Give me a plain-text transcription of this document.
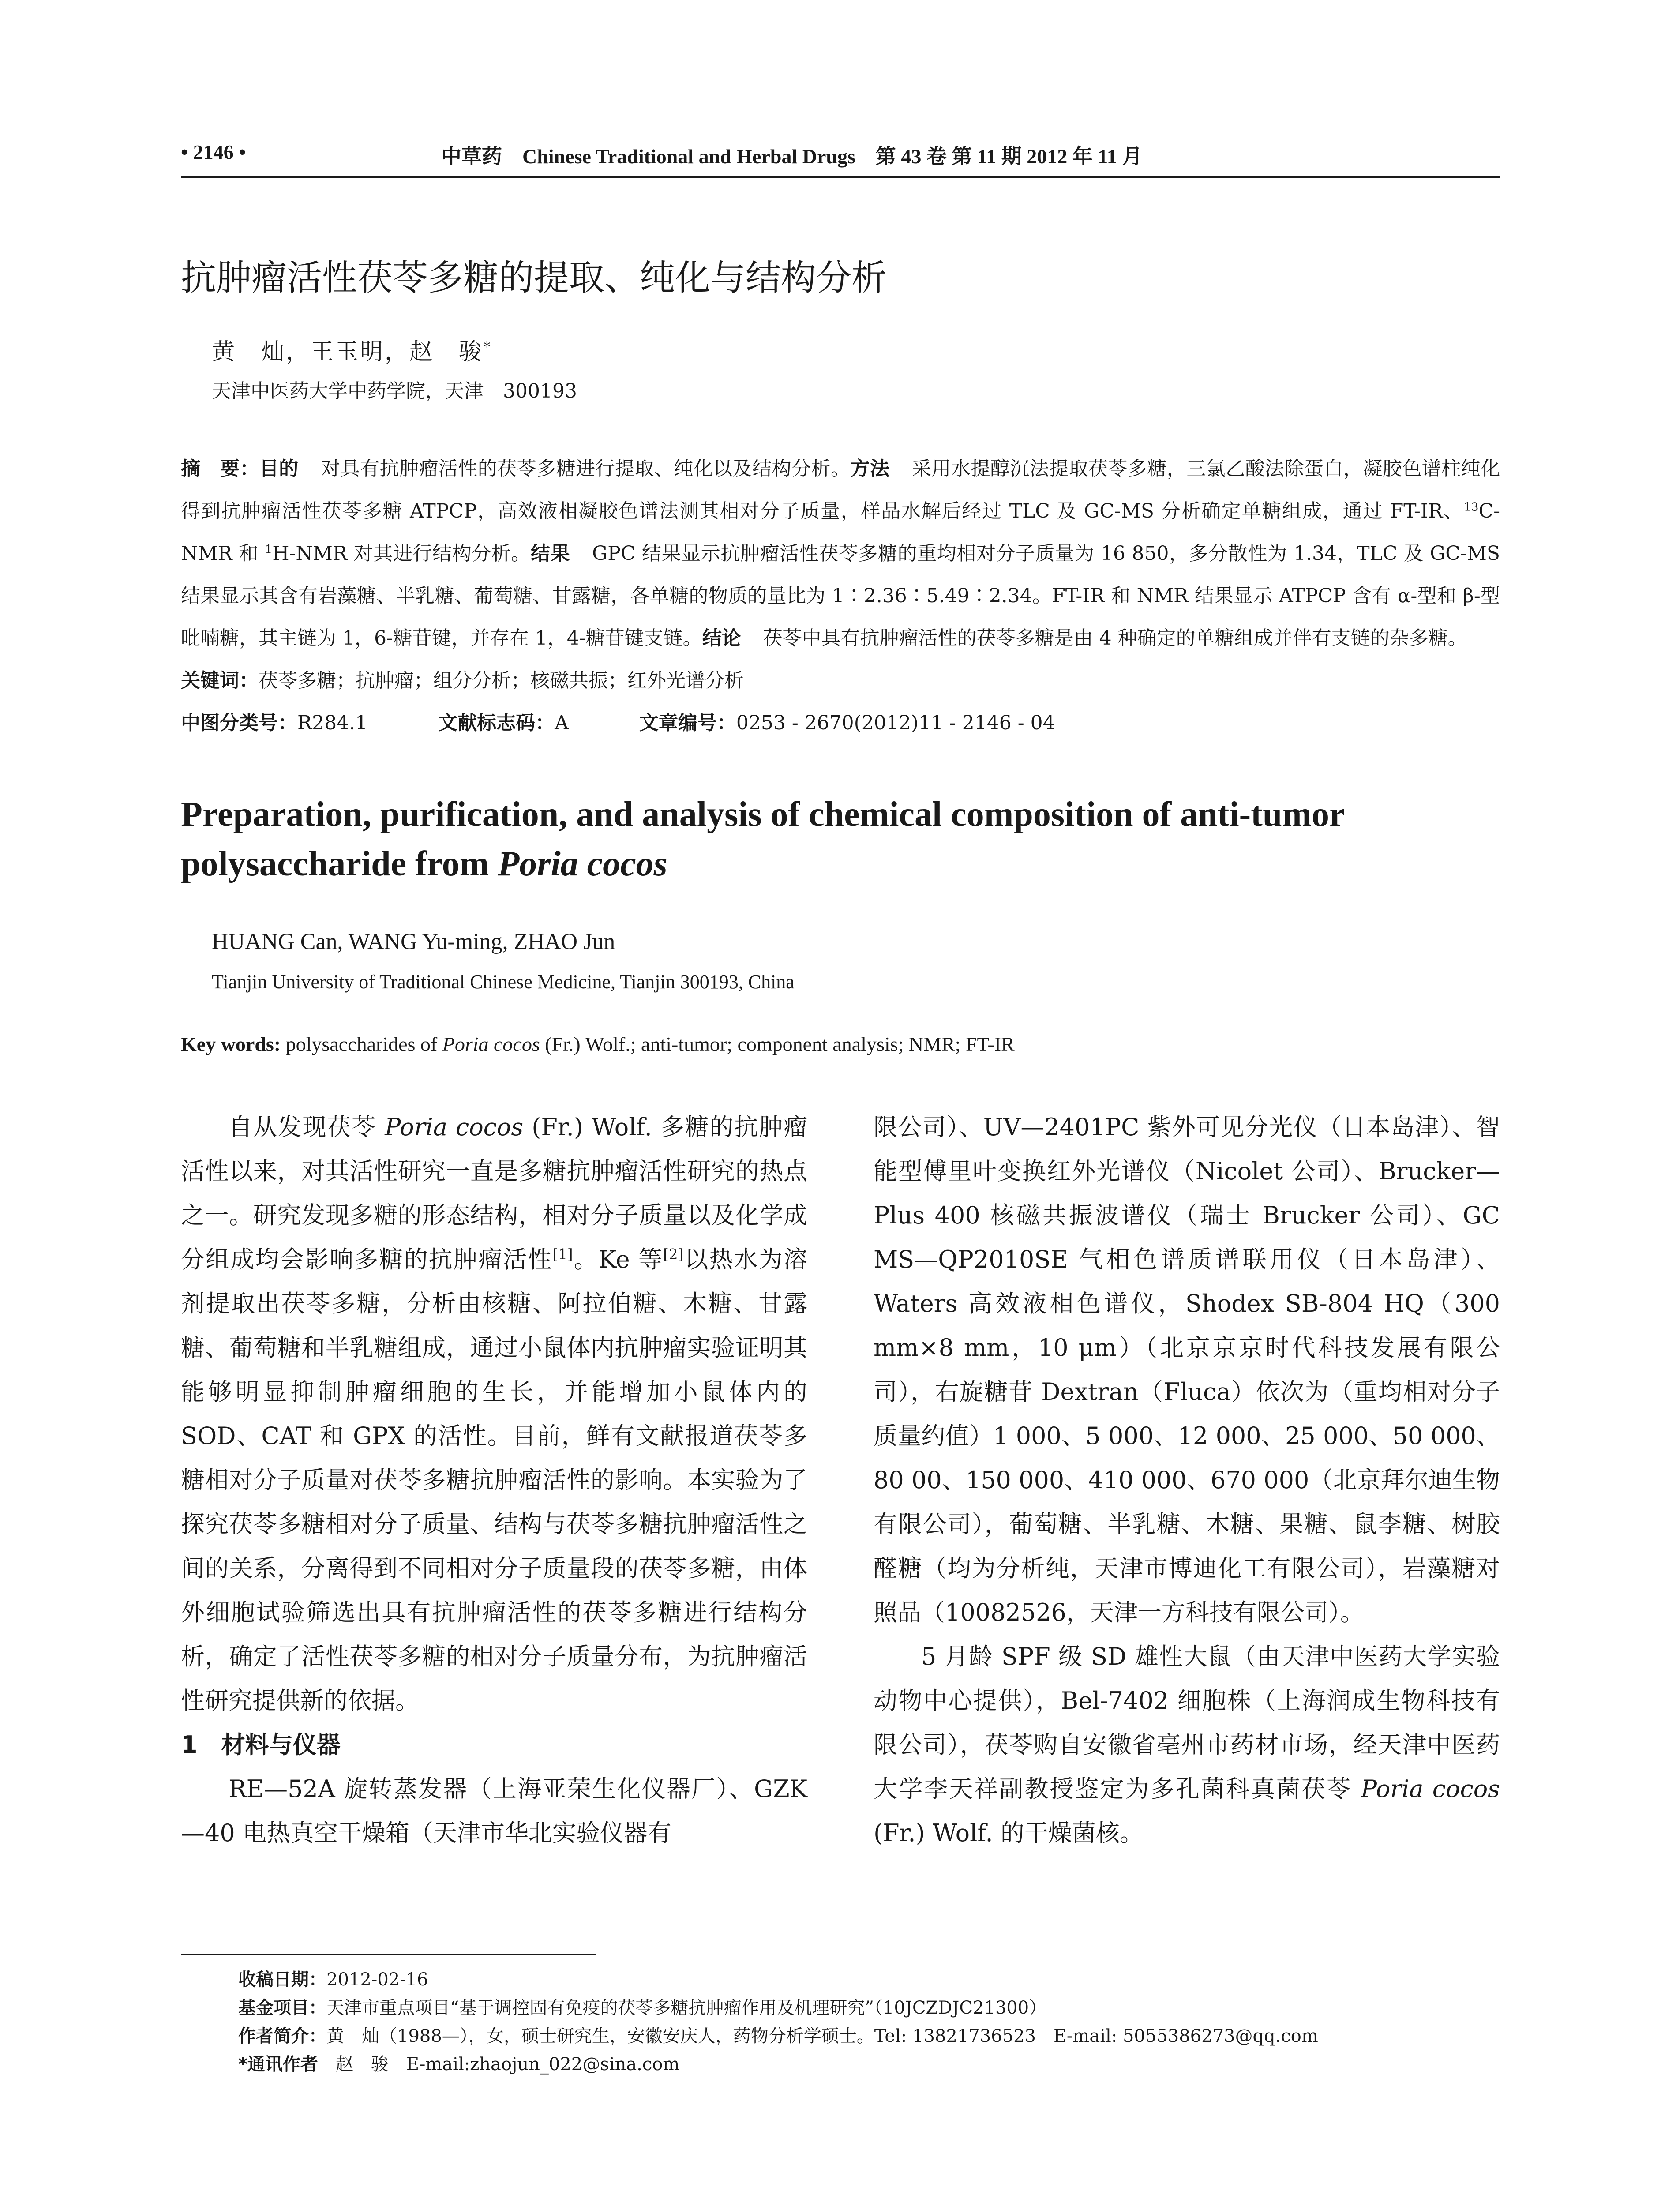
• 2146 •	中草药　Chinese Traditional and Herbal Drugs　第 43 卷 第 11 期 2012 年 11 月
抗肿瘤活性茯苓多糖的提取、纯化与结构分析
黄　灿，王玉明，赵　骏*
天津中医药大学中药学院，天津　300193

摘　要：目的 对具有抗肿瘤活性的茯苓多糖进行提取、纯化以及结构分析。方法 采用水提醇沉法提取茯苓多糖，三氯乙酸法除蛋白，凝胶色谱柱纯化得到抗肿瘤活性茯苓多糖 ATPCP，高效液相凝胶色谱法测其相对分子质量，样品水解后经过 TLC 及 GC-MS 分析确定单糖组成，通过 FT-IR、$^{13}$C-NMR 和 $^1$H-NMR 对其进行结构分析。结果 GPC 结果显示抗肿瘤活性茯苓多糖的重均相对分子质量为 16 850，多分散性为 1.34，TLC 及 GC-MS 结果显示其含有岩藻糖、半乳糖、葡萄糖、甘露糖，各单糖的物质的量比为 1∶2.36∶5.49∶2.34。FT-IR 和 NMR 结果显示 ATPCP 含有 α-型和 β-型吡喃糖，其主链为 1，6-糖苷键，并存在 1，4-糖苷键支链。结论 茯苓中具有抗肿瘤活性的茯苓多糖是由 4 种确定的单糖组成并伴有支链的杂多糖。

关键词：茯苓多糖；抗肿瘤；组分分析；核磁共振；红外光谱分析

中图分类号：R284.1	文献标志码：A	文章编号：0253 - 2670(2012)11 - 2146 - 04

Preparation, purification, and analysis of chemical composition of anti-tumor polysaccharide from Poria cocos
HUANG Can, WANG Yu-ming, ZHAO Jun
Tianjin University of Traditional Chinese Medicine, Tianjin 300193, China
Key words: polysaccharides of Poria cocos (Fr.) Wolf.; anti-tumor; component analysis; NMR; FT-IR

自从发现茯苓 Poria cocos (Fr.) Wolf. 多糖的抗肿瘤活性以来，对其活性研究一直是多糖抗肿瘤活性研究的热点之一。研究发现多糖的形态结构，相对分子质量以及化学成分组成均会影响多糖的抗肿瘤活性[1]。Ke 等[2]以热水为溶剂提取出茯苓多糖，分析由核糖、阿拉伯糖、木糖、甘露糖、葡萄糖和半乳糖组成，通过小鼠体内抗肿瘤实验证明其能够明显抑制肿瘤细胞的生长，并能增加小鼠体内的 SOD、CAT 和 GPX 的活性。目前，鲜有文献报道茯苓多糖相对分子质量对茯苓多糖抗肿瘤活性的影响。本实验为了探究茯苓多糖相对分子质量、结构与茯苓多糖抗肿瘤活性之间的关系，分离得到不同相对分子质量段的茯苓多糖，由体外细胞试验筛选出具有抗肿瘤活性的茯苓多糖进行结构分析，确定了活性茯苓多糖的相对分子质量分布，为抗肿瘤活性研究提供新的依据。

1　材料与仪器

RE—52A 旋转蒸发器（上海亚荣生化仪器厂）、GZK—40 电热真空干燥箱（天津市华北实验仪器有

限公司）、UV—2401PC 紫外可见分光仪（日本岛津）、智能型傅里叶变换红外光谱仪（Nicolet 公司）、Brucker—Plus 400 核磁共振波谱仪（瑞士 Brucker 公司）、GC MS—QP2010SE 气相色谱质谱联用仪（日本岛津）、Waters 高效液相色谱仪，Shodex SB-804 HQ（300 mm×8 mm，10 μm）（北京京京时代科技发展有限公司），右旋糖苷 Dextran（Fluca）依次为（重均相对分子质量约值）1 000、5 000、12 000、25 000、50 000、80 00、150 000、410 000、670 000（北京拜尔迪生物有限公司），葡萄糖、半乳糖、木糖、果糖、鼠李糖、树胶醛糖（均为分析纯，天津市博迪化工有限公司），岩藻糖对照品（10082526，天津一方科技有限公司）。

5 月龄 SPF 级 SD 雄性大鼠（由天津中医药大学实验动物中心提供），Bel-7402 细胞株（上海润成生物科技有限公司），茯苓购自安徽省亳州市药材市场，经天津中医药大学李天祥副教授鉴定为多孔菌科真菌茯苓 Poria cocos (Fr.) Wolf. 的干燥菌核。

收稿日期：2012-02-16
基金项目：天津市重点项目“基于调控固有免疫的茯苓多糖抗肿瘤作用及机理研究”（10JCZDJC21300）
作者简介：黄　灿（1988—），女，硕士研究生，安徽安庆人，药物分析学硕士。Tel: 13821736523　E-mail: 5055386273@qq.com
*通讯作者　 赵　骏　E-mail:zhaojun_022@sina.com
